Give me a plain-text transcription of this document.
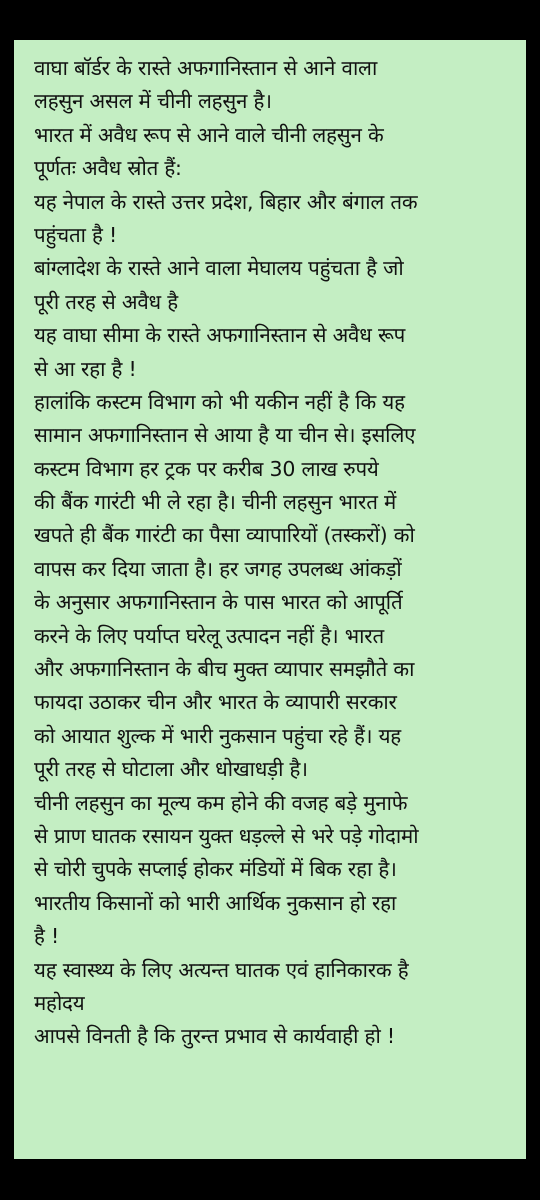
वाघा बॉर्डर के रास्ते अफगानिस्तान से आने वाला
लहसुन असल में चीनी लहसुन है।
भारत में अवैध रूप से आने वाले चीनी लहसुन के
पूर्णतः अवैध स्रोत हैं:
यह नेपाल के रास्ते उत्तर प्रदेश, बिहार और बंगाल तक
पहुंचता है !
बांग्लादेश के रास्ते आने वाला मेघालय पहुंचता है जो
पूरी तरह से अवैध है
यह वाघा सीमा के रास्ते अफगानिस्तान से अवैध रूप
से आ रहा है !
हालांकि कस्टम विभाग को भी यकीन नहीं है कि यह
सामान अफगानिस्तान से आया है या चीन से। इसलिए
कस्टम विभाग हर ट्रक पर करीब 30 लाख रुपये
की बैंक गारंटी भी ले रहा है। चीनी लहसुन भारत में
खपते ही बैंक गारंटी का पैसा व्यापारियों (तस्करों) को
वापस कर दिया जाता है। हर जगह उपलब्ध आंकड़ों
के अनुसार अफगानिस्तान के पास भारत को आपूर्ति
करने के लिए पर्याप्त घरेलू उत्पादन नहीं है। भारत
और अफगानिस्तान के बीच मुक्त व्यापार समझौते का
फायदा उठाकर चीन और भारत के व्यापारी सरकार
को आयात शुल्क में भारी नुकसान पहुंचा रहे हैं। यह
पूरी तरह से घोटाला और धोखाधड़ी है।
चीनी लहसुन का मूल्य कम होने की वजह बड़े मुनाफे
से प्राण घातक रसायन युक्त धड़ल्ले से भरे पड़े गोदामो
से चोरी चुपके सप्लाई होकर मंडियों में बिक रहा है।
भारतीय किसानों को भारी आर्थिक नुकसान हो रहा
है !
यह स्वास्थ्य के लिए अत्यन्त घातक एवं हानिकारक है
महोदय
आपसे विनती है कि तुरन्त प्रभाव से कार्यवाही हो !
